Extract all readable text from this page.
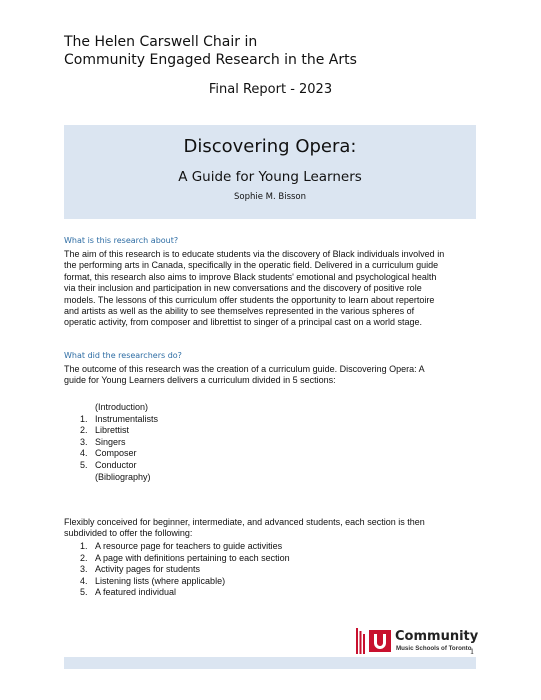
The Helen Carswell Chair in
Community Engaged Research in the Arts
Final Report - 2023
Discovering Opera:
A Guide for Young Learners
Sophie M. Bisson
What is this research about?
The aim of this research is to educate students via the discovery of Black individuals involved in
the performing arts in Canada, specifically in the operatic field. Delivered in a curriculum guide
format, this research also aims to improve Black students' emotional and psychological health
via their inclusion and participation in new conversations and the discovery of positive role
models. The lessons of this curriculum offer students the opportunity to learn about repertoire
and artists as well as the ability to see themselves represented in the various spheres of
operatic activity, from composer and librettist to singer of a principal cast on a world stage.
What did the researchers do?
The outcome of this research was the creation of a curriculum guide. Discovering Opera: A
guide for Young Learners delivers a curriculum divided in 5 sections:
(Introduction)
1. Instrumentalists
2. Librettist
3. Singers
4. Composer
5. Conductor
(Bibliography)
Flexibly conceived for beginner, intermediate, and advanced students, each section is then
subdivided to offer the following:
1. A resource page for teachers to guide activities
2. A page with definitions pertaining to each section
3. Activity pages for students
4. Listening lists (where applicable)
5. A featured individual
Community
Music Schools of Toronto
1
